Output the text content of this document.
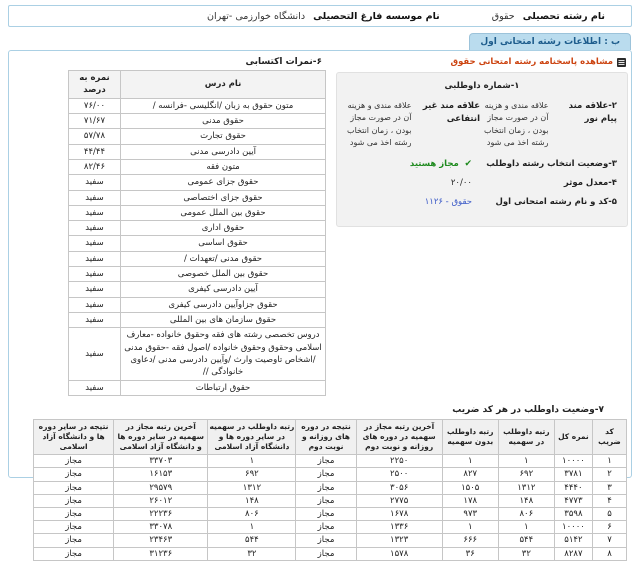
نام رشته تحصیلی
حقوق
نام موسسه فارغ التحصیلی
دانشگاه خوارزمی -تهران
ب : اطلاعات رشته امتحانی اول
مشاهده پاسخنامه رشته امتحانی حقوق
۱-شماره داوطلبی
۲-علاقه مند پیام نور
علاقه مندی و هزینه آن در صورت مجاز بودن ، زمان انتخاب رشته اخذ می شود
علاقه مند غیر انتفاعی
علاقه مندی و هزینه آن در صورت مجاز بودن ، زمان انتخاب رشته اخذ می شود
۳-وضعیت انتخاب رشته داوطلب
✔ مجاز هستید
۴-معدل موثر
۲۰/۰۰
۵-کد و نام رشته امتحانی اول
۱۱۲۶ - حقوق
۶-نمرات اکتسابی
نام درس	نمره به درصد
متون حقوق به زبان /انگلیسی -فرانسه /	۷۶/۰۰
حقوق مدنی	۷۱/۶۷
حقوق تجارت	۵۷/۷۸
آیین دادرسی مدنی	۴۴/۴۴
متون فقه	۸۲/۴۶
حقوق جزای عمومی	سفید
حقوق جزای اختصاصی	سفید
حقوق بین الملل عمومی	سفید
حقوق اداری	سفید
حقوق اساسی	سفید
حقوق مدنی /تعهدات /	سفید
حقوق بین الملل خصوصی	سفید
آیین دادرسی کیفری	سفید
حقوق جزاوآیین دادرسی کیفری	سفید
حقوق سازمان های بین المللی	سفید
دروس تخصصی رشته های فقه وحقوق خانواده -معارف اسلامی وحقوق وحقوق خانواده /اصول فقه -حقوق مدنی /اشخاص تاوصیت وارث /وآیین دادرسی مدنی /دعاوی خانوادگی //	سفید
حقوق ارتباطات	سفید
۷-وضعیت داوطلب در هر کد ضریب
کد ضریب	نمره کل	رتبه داوطلب در سهمیه	رتبه داوطلب بدون سهمیه	آخرین رتبه مجاز در سهمیه در دوره های روزانه و نوبت دوم	نتیجه در دوره های روزانه و نوبت دوم	رتبه داوطلب در سهمیه در سایر دوره ها و دانشگاه آزاد اسلامی	آخرین رتبه مجاز در سهمیه در سایر دوره ها و دانشگاه آزاد اسلامی	نتیجه در سایر دوره ها و دانشگاه آزاد اسلامی
۱	۱۰۰۰۰	۱	۱	۲۲۵۰	مجاز	۱	۳۳۷۰۳	مجاز
۲	۳۷۸۱	۶۹۲	۸۲۷	۲۵۰۰	مجاز	۶۹۲	۱۶۱۵۳	مجاز
۳	۴۴۴۰	۱۳۱۲	۱۵۰۵	۳۰۵۶	مجاز	۱۳۱۲	۲۹۵۷۹	مجاز
۴	۴۷۷۳	۱۴۸	۱۷۸	۲۷۷۵	مجاز	۱۴۸	۲۶۰۱۲	مجاز
۵	۳۵۹۸	۸۰۶	۹۷۳	۱۶۷۸	مجاز	۸۰۶	۲۲۲۳۶	مجاز
۶	۱۰۰۰۰	۱	۱	۱۳۳۶	مجاز	۱	۳۳۰۷۸	مجاز
۷	۵۱۴۲	۵۴۴	۶۶۶	۱۳۲۳	مجاز	۵۴۴	۲۳۴۶۳	مجاز
۸	۸۲۸۷	۳۲	۳۶	۱۵۷۸	مجاز	۳۲	۳۱۲۳۶	مجاز
